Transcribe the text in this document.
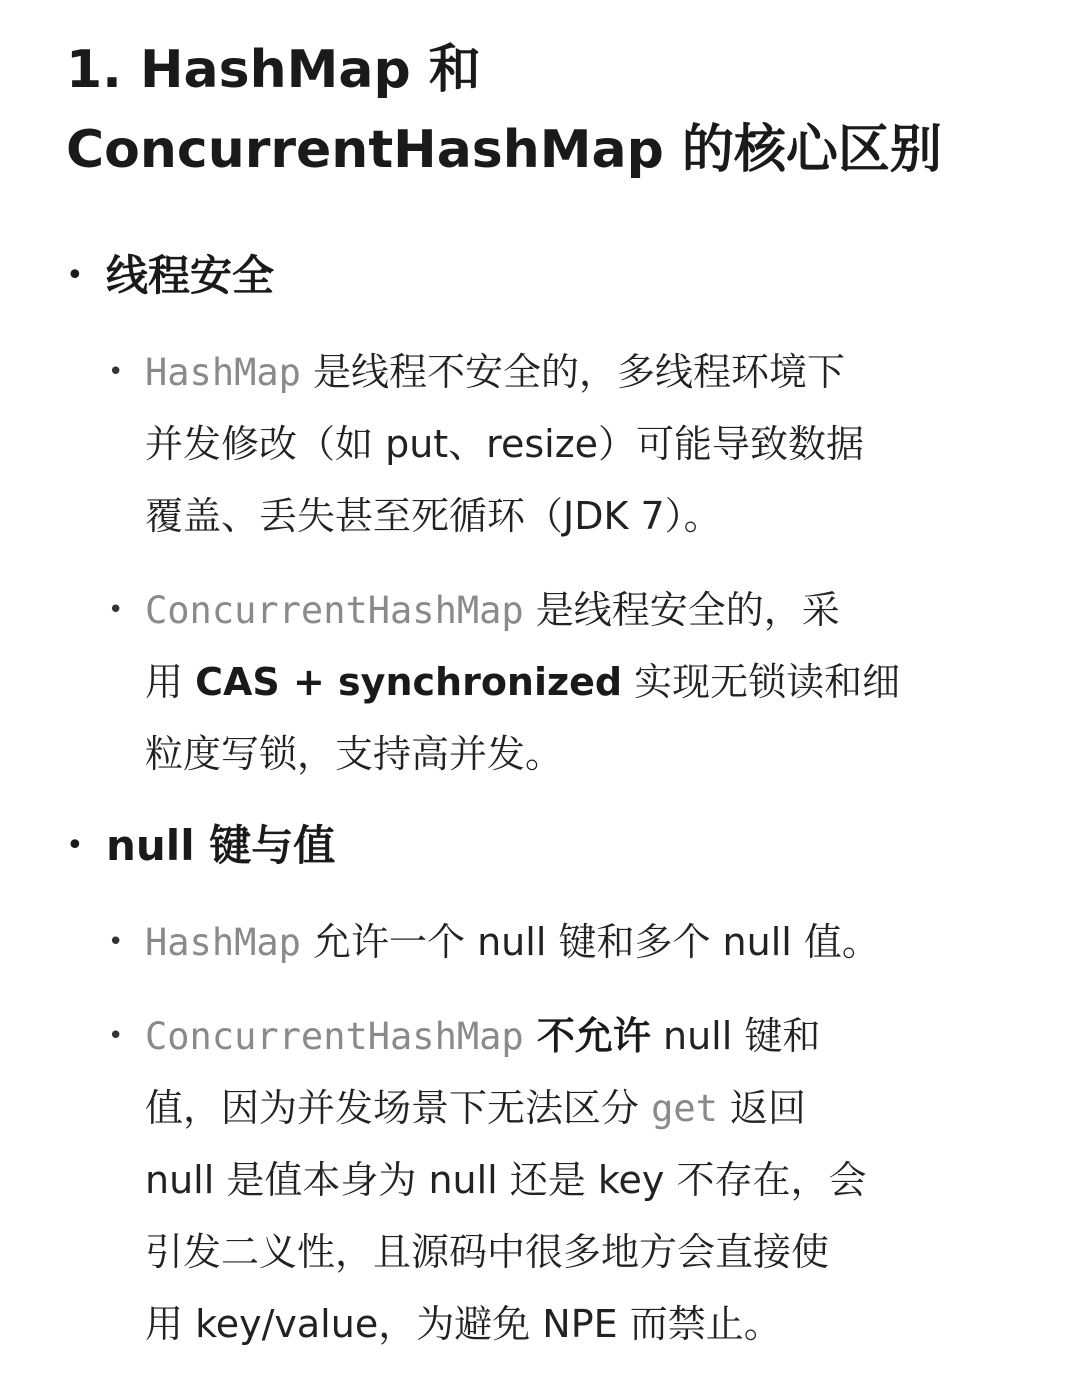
1. HashMap 和
ConcurrentHashMap 的核心区别
• 线程安全
• HashMap 是线程不安全的，多线程环境下
并发修改（如 put、resize）可能导致数据
覆盖、丢失甚至死循环（JDK 7）。
• ConcurrentHashMap 是线程安全的，采
用 CAS + synchronized 实现无锁读和细
粒度写锁，支持高并发。
• null 键与值
• HashMap 允许一个 null 键和多个 null 值。
• ConcurrentHashMap 不允许 null 键和
值，因为并发场景下无法区分 get 返回
null 是值本身为 null 还是 key 不存在，会
引发二义性，且源码中很多地方会直接使
用 key/value，为避免 NPE 而禁止。
